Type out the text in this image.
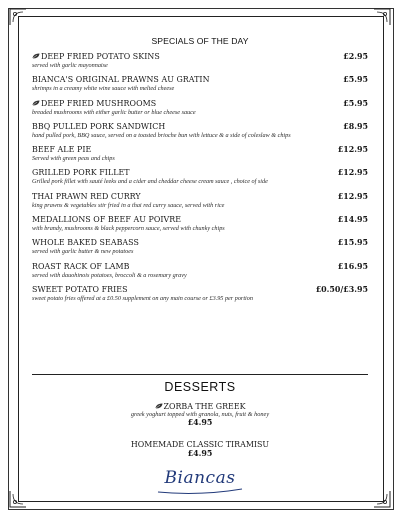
SPECIALS OF THE DAY
DEEP FRIED POTATO SKINS	£2.95
served with garlic mayonnaise
BIANCA'S ORIGINAL PRAWNS AU GRATIN	£5.95
shrimps in a creamy white wine sauce with melted cheese
DEEP FRIED MUSHROOMS	£5.95
breaded mushrooms with either garlic butter or blue cheese sauce
BBQ PULLED PORK SANDWICH	£8.95
hand pulled pork, BBQ sauce, served on a toasted brioche bun with lettuce & a side of coleslaw & chips
BEEF ALE PIE	£12.95
Served with green peas and chips
GRILLED PORK FILLET	£12.95
Grilled pork fillet with sauté leeks and a cider and cheddar cheese cream sauce , choice of side
THAI PRAWN RED CURRY	£12.95
king prawns & vegetables stir fried in a thai red curry sauce, served with rice
MEDALLIONS OF BEEF AU POIVRE	£14.95
with brandy, mushrooms & black peppercorn sauce, served with chunky chips
WHOLE BAKED SEABASS	£15.95
served with garlic butter & new potatoes
ROAST RACK OF LAMB	£16.95
served with dauohinois potatoes, broccoli & a rosemary gravy
SWEET POTATO FRIES	£0.50/£3.95
sweet potato fries offered at a £0.50 supplement on any main course or £3.95 per portion
DESSERTS
ZORBA THE GREEK
greek yoghurt topped with granola, nuts, fruit & honey
£4.95
HOMEMADE CLASSIC TIRAMISU
£4.95
Biancas
